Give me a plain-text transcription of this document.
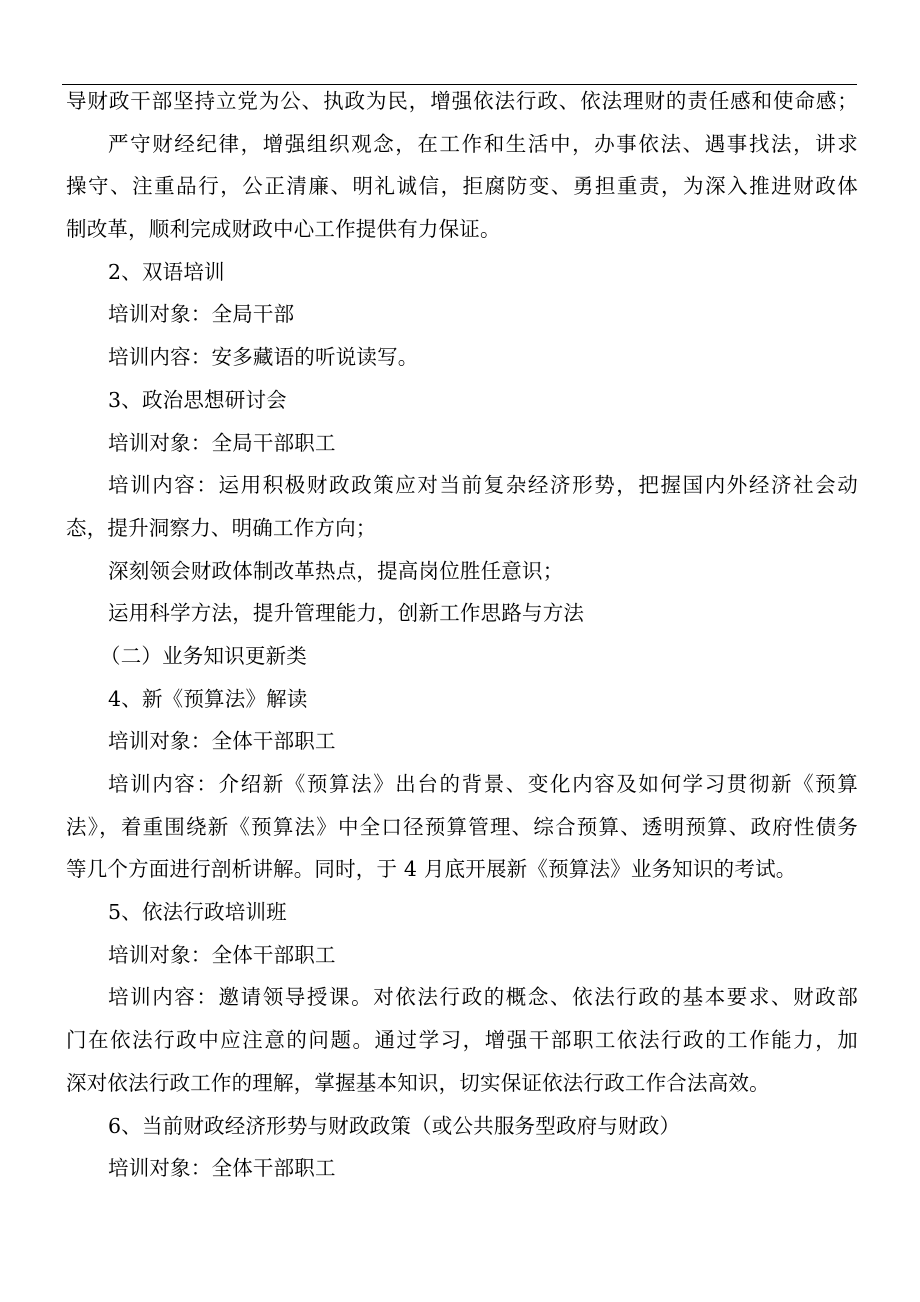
导财政干部坚持立党为公、执政为民，增强依法行政、依法理财的责任感和使命感；
严守财经纪律，增强组织观念，在工作和生活中，办事依法、遇事找法，讲求
操守、注重品行，公正清廉、明礼诚信，拒腐防变、勇担重责，为深入推进财政体
制改革，顺利完成财政中心工作提供有力保证。
2、双语培训
培训对象：全局干部
培训内容：安多藏语的听说读写。
3、政治思想研讨会
培训对象：全局干部职工
培训内容：运用积极财政政策应对当前复杂经济形势，把握国内外经济社会动
态，提升洞察力、明确工作方向；
深刻领会财政体制改革热点，提高岗位胜任意识；
运用科学方法，提升管理能力，创新工作思路与方法
（二）业务知识更新类
4、新《预算法》解读
培训对象：全体干部职工
培训内容：介绍新《预算法》出台的背景、变化内容及如何学习贯彻新《预算
法》，着重围绕新《预算法》中全口径预算管理、综合预算、透明预算、政府性债务
等几个方面进行剖析讲解。同时，于 4 月底开展新《预算法》业务知识的考试。
5、依法行政培训班
培训对象：全体干部职工
培训内容：邀请领导授课。对依法行政的概念、依法行政的基本要求、财政部
门在依法行政中应注意的问题。通过学习，增强干部职工依法行政的工作能力，加
深对依法行政工作的理解，掌握基本知识，切实保证依法行政工作合法高效。
6、当前财政经济形势与财政政策（或公共服务型政府与财政）
培训对象：全体干部职工
